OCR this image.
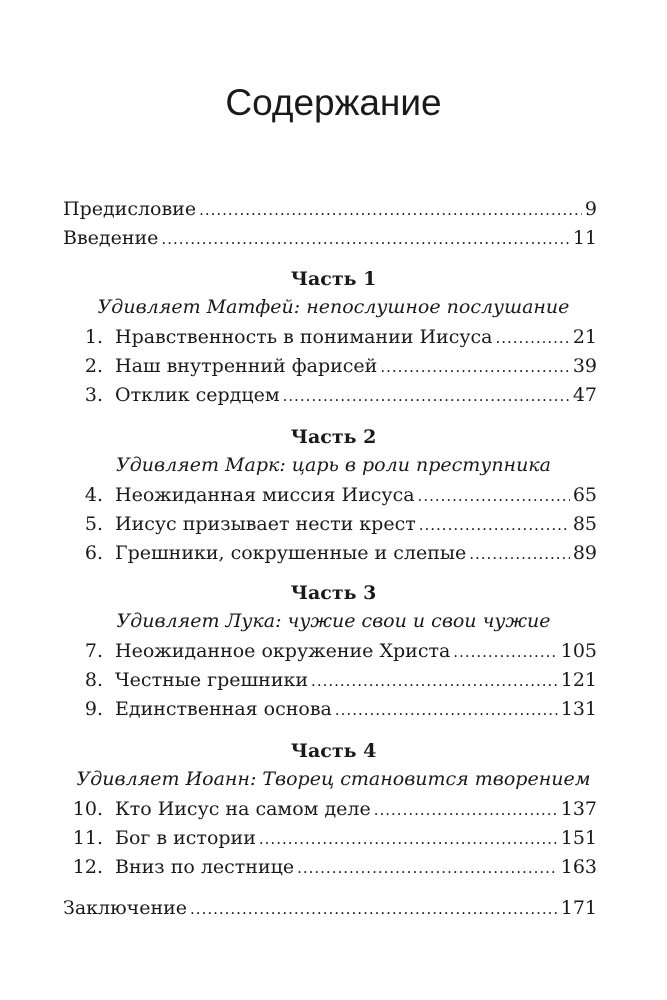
Содержание
Предисловие .....	9
Введение .....	11
Часть 1
Удивляет Матфей: непослушное послушание
1. Нравственность в понимании Иисуса .....	21
2. Наш внутренний фарисей .....	39
3. Отклик сердцем .....	47
Часть 2
Удивляет Марк: царь в роли преступника
4. Неожиданная миссия Иисуса .....	65
5. Иисус призывает нести крест .....	85
6. Грешники, сокрушенные и слепые .....	89
Часть 3
Удивляет Лука: чужие свои и свои чужие
7. Неожиданное окружение Христа .....	105
8. Честные грешники .....	121
9. Единственная основа .....	131
Часть 4
Удивляет Иоанн: Творец становится творением
10. Кто Иисус на самом деле .....	137
11. Бог в истории .....	151
12. Вниз по лестнице .....	163
Заключение .....	171
